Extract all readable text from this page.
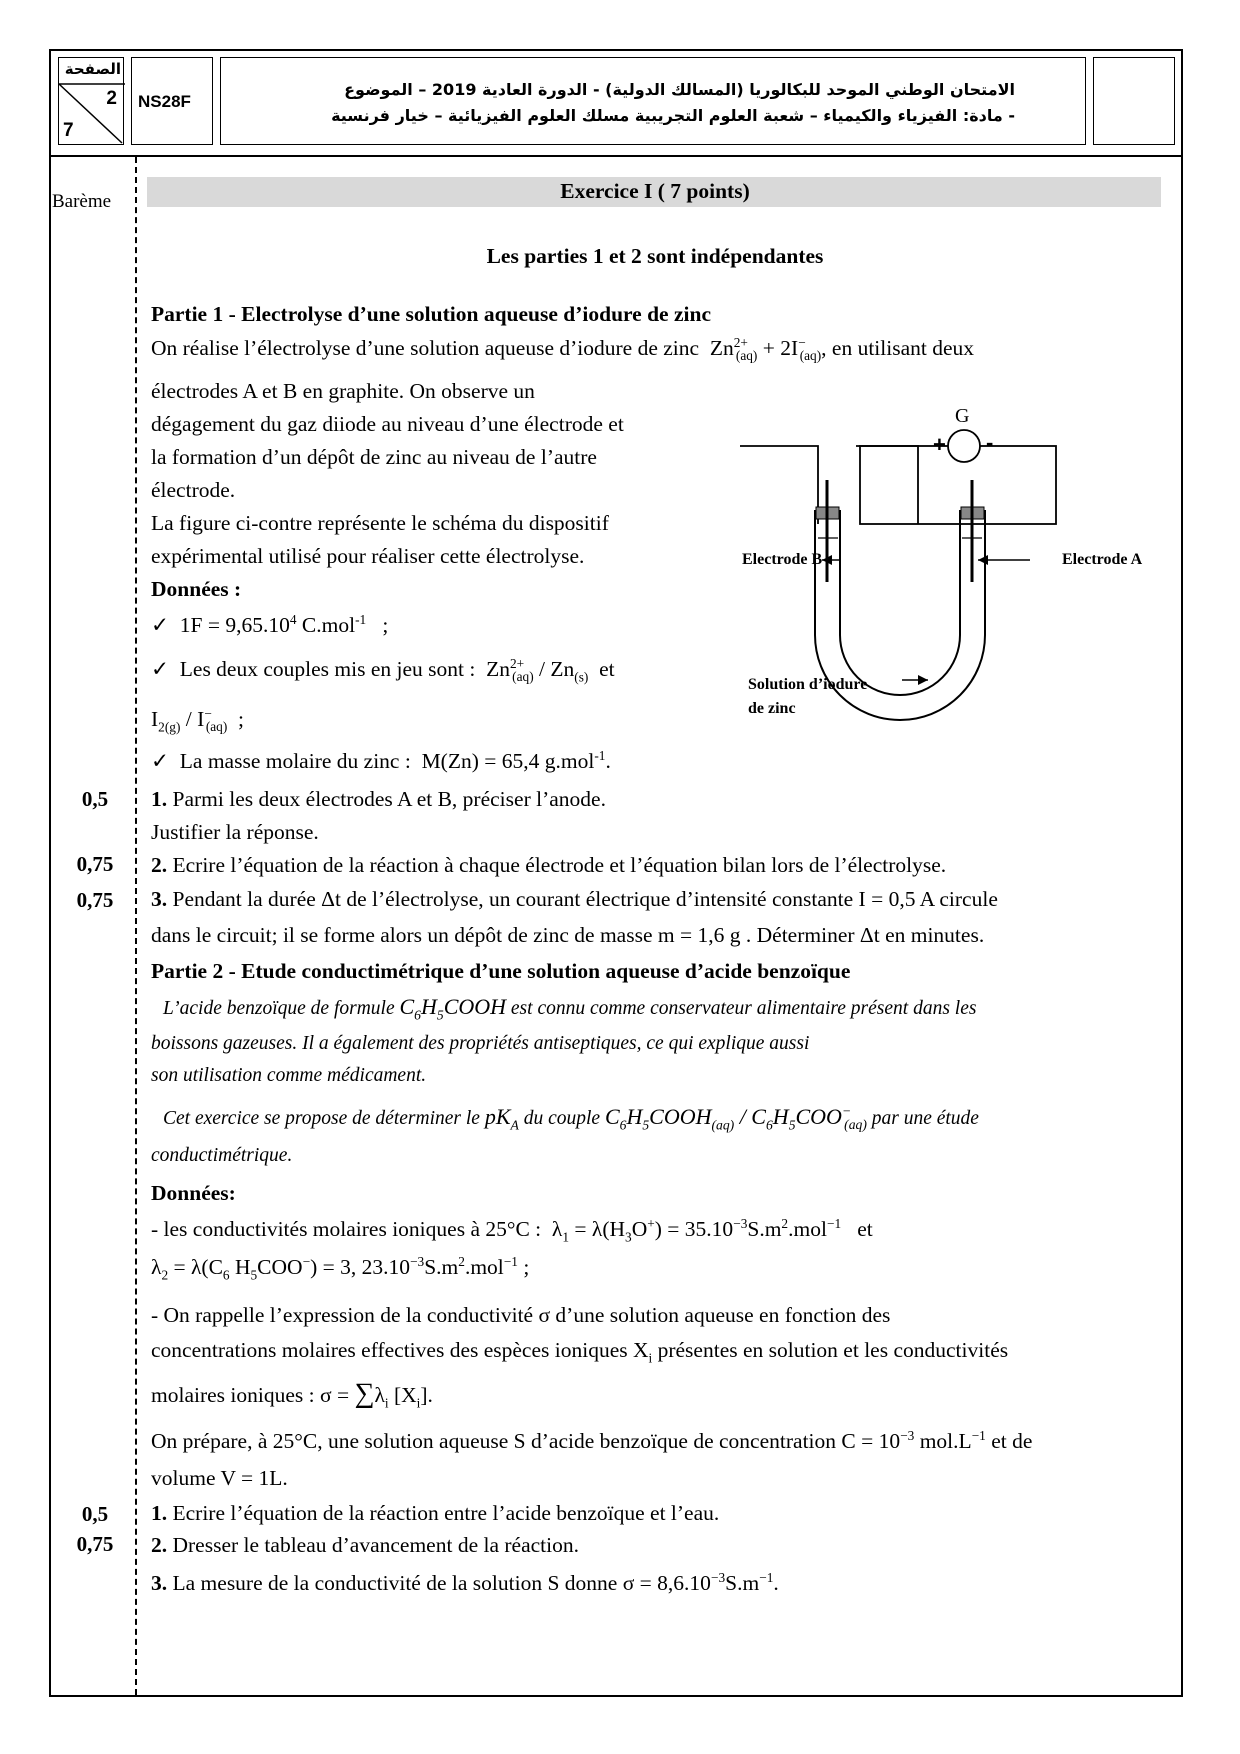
الصفحة
2
7
NS28F
الامتحان الوطني الموحد للبكالوريا (المسالك الدولية) - الدورة العادية 2019 – الموضوع
- مادة: الفيزياء والكيمياء – شعبة العلوم التجريبية مسلك العلوم الفيزيائية – خيار فرنسية
Barème
0,5
0,75
0,75
0,5
0,75
Exercice I ( 7 points)
Les parties 1 et 2 sont indépendantes
Partie 1 - Electrolyse d’une solution aqueuse d’iodure de zinc
On réalise l’électrolyse d’une solution aqueuse d’iodure de zinc $Zn^{2+}_{(aq)} + 2I^-_{(aq)}$, en utilisant deux
électrodes A et B en graphite. On observe un
dégagement du gaz diiode au niveau d’une électrode et
la formation d’un dépôt de zinc au niveau de l’autre
électrode.
La figure ci-contre représente le schéma du dispositif
expérimental utilisé pour réaliser cette électrolyse.
Données :
✓ $1F = 9,65.10^4$ C.mol$^{-1}$   ;
✓ Les deux couples mis en jeu sont :  $Zn^{2+}_{(aq)} / Zn_{(s)}$  et
$I_{2(g)} / I^-_{(aq)}$  ;
✓ La masse molaire du zinc : M(Zn) = 65,4 g.mol$^{-1}$.
1. Parmi les deux électrodes A et B, préciser l’anode.
Justifier la réponse.
2. Ecrire l’équation de la réaction à chaque électrode et l’équation bilan lors de l’électrolyse.
3. Pendant la durée Δt de l’électrolyse, un courant électrique d’intensité constante I = 0,5 A circule
dans le circuit; il se forme alors un dépôt de zinc de masse m = 1,6 g . Déterminer Δt en minutes.
G
+ -
Electrode B	Electrode A
Solution d’iodure
de zinc
Partie 2 - Etude conductimétrique d’une solution aqueuse d’acide benzoïque
L’acide benzoïque de formule $C_6H_5COOH$ est connu comme conservateur alimentaire présent dans les
boissons gazeuses. Il a également des propriétés antiseptiques, ce qui explique aussi
son utilisation comme médicament.
Cet exercice se propose de déterminer le $pK_A$ du couple $C_6H_5COOH_{(aq)} / C_6H_5COO^-_{(aq)}$ par une étude
conductimétrique.
Données:
- les conductivités molaires ioniques à 25°C :  $\lambda_1 = \lambda(H_3O^+) = 35.10^{-3}S.m^2.mol^{-1}$ et
$\lambda_2 = \lambda(C_6$ $H_5COO^-) = 3$, $23.10^{-3}S.m^2.mol^{-1}$ ;
- On rappelle l’expression de la conductivité σ d’une solution aqueuse en fonction des
concentrations molaires effectives des espèces ioniques $X_i$ présentes en solution et les conductivités
molaires ioniques : $\sigma = \sum\lambda_i$ $[X_i]$.
On prépare, à 25°C, une solution aqueuse S d’acide benzoïque de concentration $C = 10^{-3}$ $mol.L^{-1}$ et de
volume V = 1L.
1. Ecrire l’équation de la réaction entre l’acide benzoïque et l’eau.
2. Dresser le tableau d’avancement de la réaction.
3. La mesure de la conductivité de la solution S donne $\sigma = 8,6.10^{-3}S.m^{-1}$.
